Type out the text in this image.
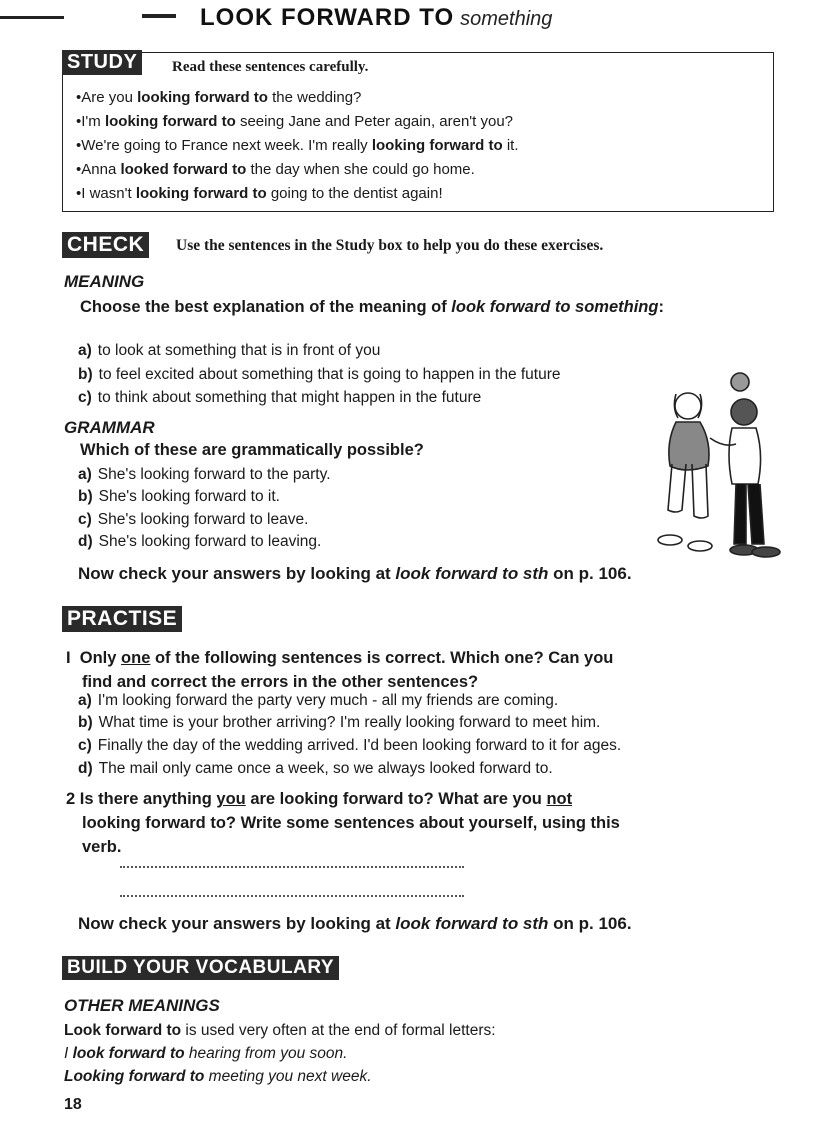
LOOK FORWARD TO something
STUDY	Read these sentences carefully.
• Are you looking forward to the wedding?
• I'm looking forward to seeing Jane and Peter again, aren't you?
• We're going to France next week. I'm really looking forward to it.
• Anna looked forward to the day when she could go home.
• I wasn't looking forward to going to the dentist again!
CHECK	Use the sentences in the Study box to help you do these exercises.
MEANING
Choose the best explanation of the meaning of look forward to something:
a) to look at something that is in front of you
b) to feel excited about something that is going to happen in the future
c) to think about something that might happen in the future
GRAMMAR
Which of these are grammatically possible?
a) She's looking forward to the party.
b) She's looking forward to it.
c) She's looking forward to leave.
d) She's looking forward to leaving.
Now check your answers by looking at look forward to sth on p. 106.
PRACTISE
I Only one of the following sentences is correct. Which one? Can you
find and correct the errors in the other sentences?
a) I'm looking forward the party very much - all my friends are coming.
b) What time is your brother arriving? I'm really looking forward to meet him.
c) Finally the day of the wedding arrived. I'd been looking forward to it for ages.
d) The mail only came once a week, so we always looked forward to.
2 Is there anything you are looking forward to? What are you not
looking forward to? Write some sentences about yourself, using this
verb.
Now check your answers by looking at look forward to sth on p. 106.
BUILD YOUR VOCABULARY
OTHER MEANINGS
Look forward to is used very often at the end of formal letters:
I look forward to hearing from you soon.
Looking forward to meeting you next week.
18
